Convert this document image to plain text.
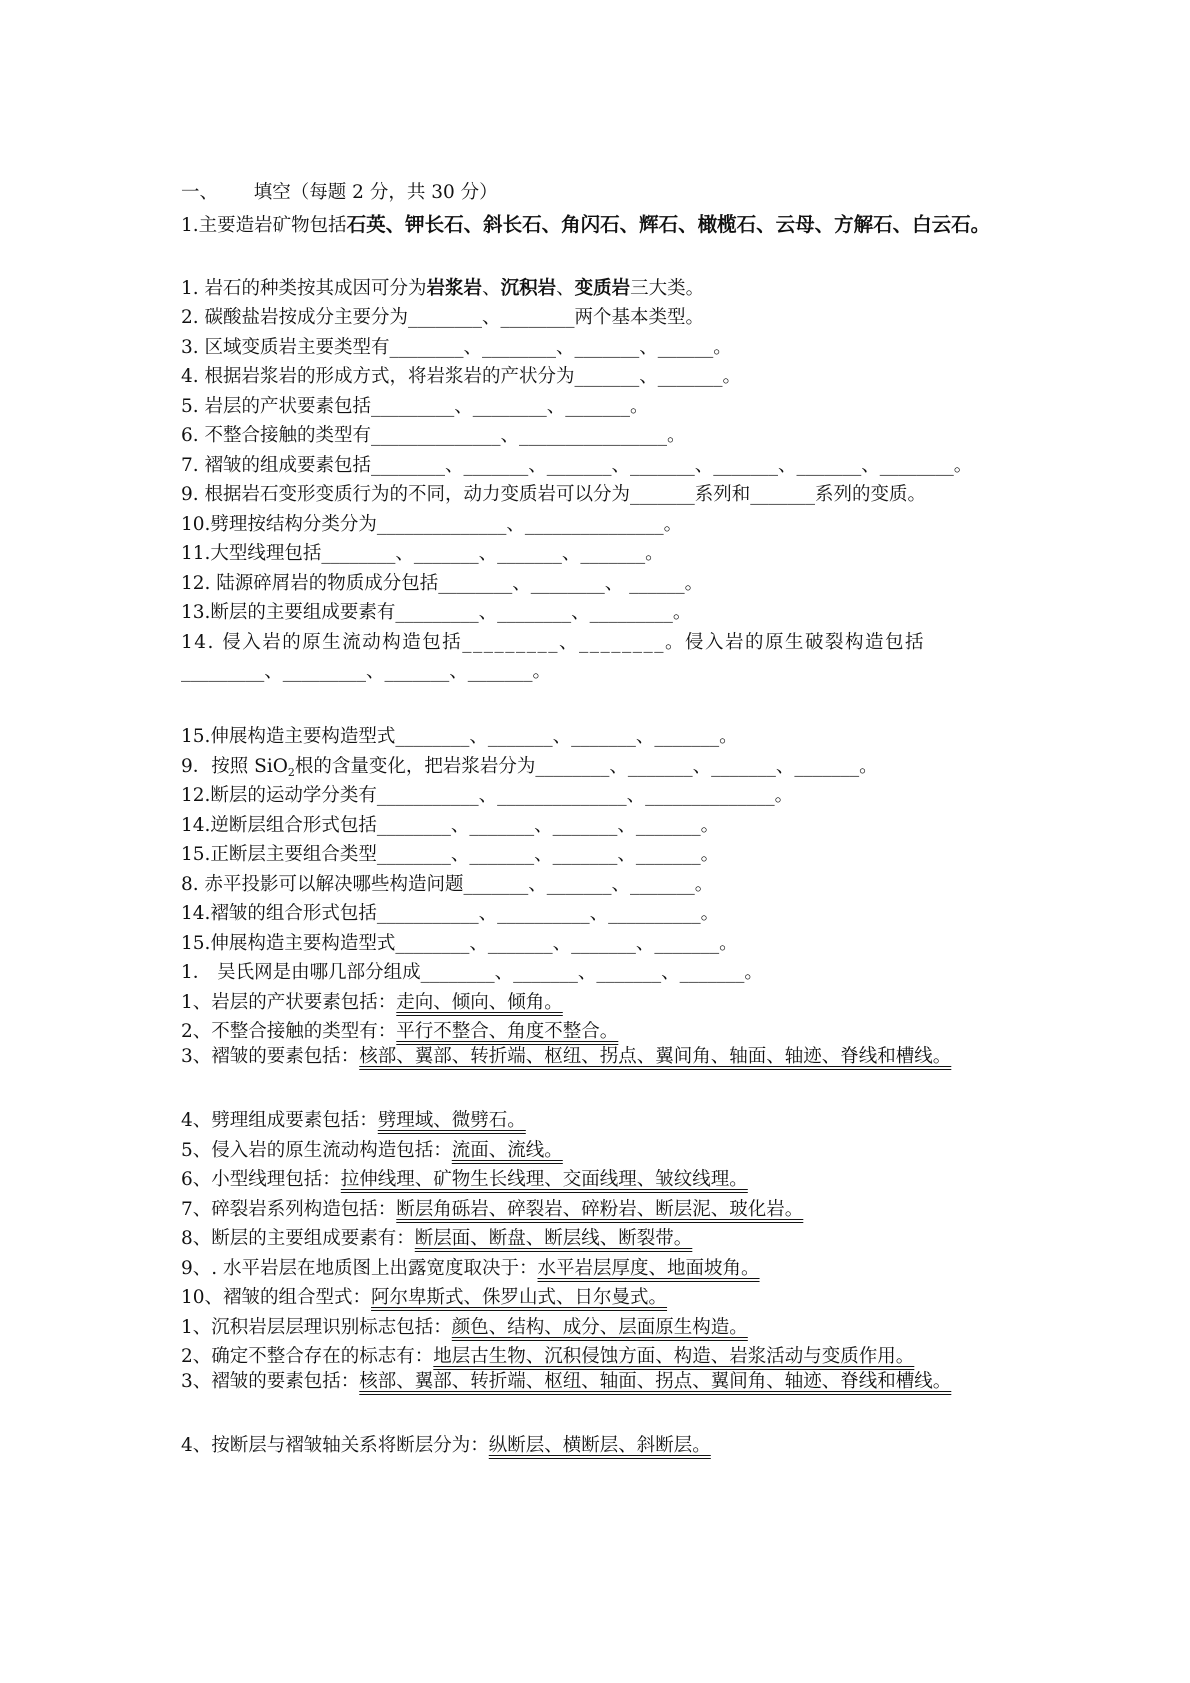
一、 填空（每题 2 分，共 30 分）
1.主要造岩矿物包括石英、钾长石、斜长石、角闪石、辉石、橄榄石、云母、方解石、白云石。
1. 岩石的种类按其成因可分为岩浆岩、沉积岩、变质岩三大类。
2. 碳酸盐岩按成分主要分为________、________两个基本类型。
3. 区域变质岩主要类型有________、________、_______、______。
4. 根据岩浆岩的形成方式，将岩浆岩的产状分为_______、_______。
5. 岩层的产状要素包括_________、________、_______。
6. 不整合接触的类型有______________、________________。
7. 褶皱的组成要素包括________、_______、_______、_______、_______、_______、________。
9. 根据岩石变形变质行为的不同，动力变质岩可以分为_______系列和_______系列的变质。
10.劈理按结构分类分为______________、_______________。
11.大型线理包括________、_______、_______、_______。
12. 陆源碎屑岩的物质成分包括________、________、 ______。
13.断层的主要组成要素有_________、________、_________。
14. 侵入岩的原生流动构造包括_________、________。侵入岩的原生破裂构造包括
_________、_________、_______、_______。
15.伸展构造主要构造型式________、_______、_______、_______。
9．按照 SiO$_2$根的含量变化，把岩浆岩分为________、_______、_______、_______。
12.断层的运动学分类有___________、______________、______________。
14.逆断层组合形式包括________、_______、_______、_______。
15.正断层主要组合类型________、_______、_______、_______。
8. 赤平投影可以解决哪些构造问题_______、_______、_______。
14.褶皱的组合形式包括___________、__________、__________。
15.伸展构造主要构造型式________、_______、_______、_______。
1． 吴氏网是由哪几部分组成________、_______、_______、_______。
1、岩层的产状要素包括：走向、倾向、倾角。
2、不整合接触的类型有：平行不整合、角度不整合。
3、褶皱的要素包括：核部、翼部、转折端、枢纽、拐点、翼间角、轴面、轴迹、脊线和槽线。
4、劈理组成要素包括：劈理域、微劈石。
5、侵入岩的原生流动构造包括：流面、流线。
6、小型线理包括：拉伸线理、矿物生长线理、交面线理、皱纹线理。
7、碎裂岩系列构造包括：断层角砾岩、碎裂岩、碎粉岩、断层泥、玻化岩。
8、断层的主要组成要素有：断层面、断盘、断层线、断裂带。
9、. 水平岩层在地质图上出露宽度取决于：水平岩层厚度、地面坡角。
10、褶皱的组合型式：阿尔卑斯式、侏罗山式、日尔曼式。
1、沉积岩层层理识别标志包括：颜色、结构、成分、层面原生构造。
2、确定不整合存在的标志有：地层古生物、沉积侵蚀方面、构造、岩浆活动与变质作用。
3、褶皱的要素包括：核部、翼部、转折端、枢纽、轴面、拐点、翼间角、轴迹、脊线和槽线。
4、按断层与褶皱轴关系将断层分为：纵断层、横断层、斜断层。
